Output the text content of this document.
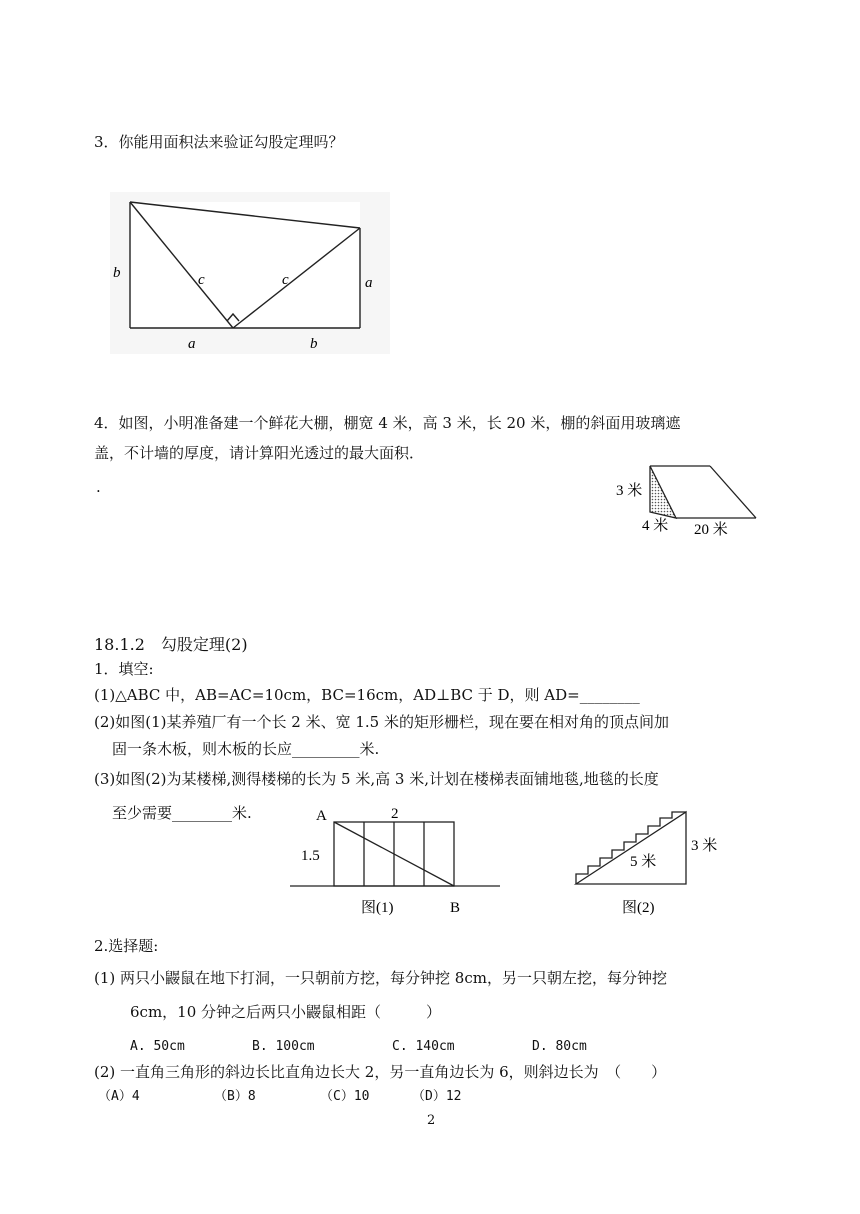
3．你能用面积法来验证勾股定理吗？
b	c	c	a
a	b
4．如图，小明准备建一个鲜花大棚，棚宽 4 米，高 3 米，长 20 米，棚的斜面用玻璃遮
盖，不计墙的厚度，请计算阳光透过的最大面积．
.	3 米
4 米 20 米
18.1.2　勾股定理(2)
1．填空:
(1)△ABC 中，AB=AC=10cm，BC=16cm，AD⊥BC 于 D，则 AD=________
(2)如图(1)某养殖厂有一个长 2 米、宽 1.5 米的矩形栅栏，现在要在相对角的顶点间加
固一条木板，则木板的长应_________米.
(3)如图(2)为某楼梯,测得楼梯的长为 5 米,高 3 米,计划在楼梯表面铺地毯,地毯的长度
至少需要________米.	A	2
1.5
图(1)	B
5 米
3 米
图(2)
2.选择题:
(1) 两只小鼹鼠在地下打洞，一只朝前方挖，每分钟挖 8cm，另一只朝左挖，每分钟挖
6cm，10 分钟之后两只小鼹鼠相距（　　　）
A. 50cm	B. 100cm	C. 140cm	D. 80cm
(2) 一直角三角形的斜边长比直角边长大 2，另一直角边长为 6，则斜边长为　（　　）
（A）4	（B）8	（C）10	（D）12
2
